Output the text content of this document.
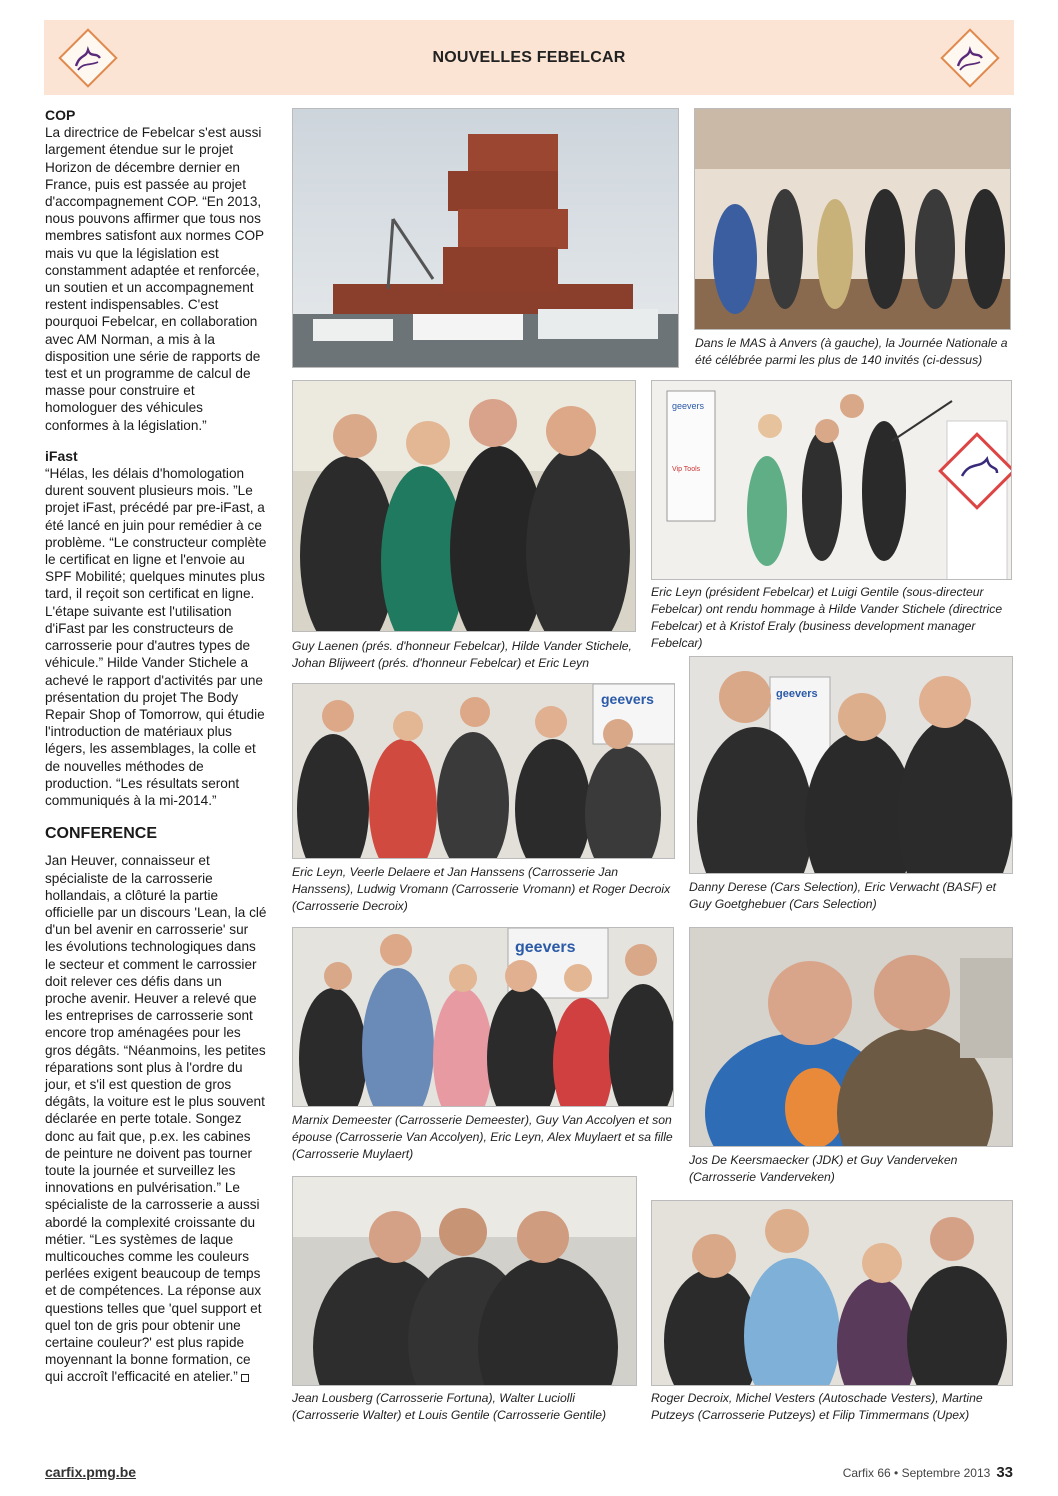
NOUVELLES FEBELCAR
COP

La directrice de Febelcar s'est aussi largement étendue sur le projet Horizon de décembre dernier en France, puis est passée au projet d'accompagnement COP. “En 2013, nous pouvons affirmer que tous nos membres satisfont aux normes COP mais vu que la législation est constamment adaptée et renforcée, un soutien et un accompagnement restent indispensables. C'est pourquoi Febelcar, en collaboration avec AM Norman, a mis à la disposition une série de rapports de test et un programme de calcul de masse pour construire et homologuer des véhicules conformes à la législation.”

iFast

“Hélas, les délais d'homologation durent souvent plusieurs mois. ”Le projet iFast, précédé par pre-iFast, a été lancé en juin pour remédier à ce problème. “Le constructeur complète le certificat en ligne et l'envoie au SPF Mobilité; quelques minutes plus tard, il reçoit son certificat en ligne. L'étape suivante est l'utilisation d'iFast par les constructeurs de carrosserie pour d'autres types de véhicule.” Hilde Vander Stichele a achevé le rapport d'activités par une présentation du projet The Body Repair Shop of Tomorrow, qui étudie l'introduction de matériaux plus légers, les assemblages, la colle et de nouvelles méthodes de production. “Les résultats seront communiqués à la mi-2014.”

CONFERENCE

Jan Heuver, connaisseur et spécialiste de la carrosserie hollandais, a clôturé la partie officielle par un discours 'Lean, la clé d'un bel avenir en carrosserie' sur les évolutions technologiques dans le secteur et comment le carrossier doit relever ces défis dans un proche avenir. Heuver a relevé que les entreprises de carrosserie sont encore trop aménagées pour les gros dégâts. “Néanmoins, les petites réparations sont plus à l'ordre du jour, et s'il est question de gros dégâts, la voiture est le plus souvent déclarée en perte totale. Songez donc au fait que, p.ex. les cabines de peinture ne doivent pas tourner toute la journée et surveillez les innovations en pulvérisation.” Le spécialiste de la carrosserie a aussi abordé la complexité croissante du métier. “Les systèmes de laque multicouches comme les couleurs perlées exigent beaucoup de temps et de compétences. La réponse aux questions telles que 'quel support et quel ton de gris pour obtenir une certaine couleur?' est plus rapide moyennant la bonne formation, ce qui accroît l'efficacité en atelier.”

Dans le MAS à Anvers (à gauche), la Journée Nationale a été célébrée parmi les plus de 140 invités (ci-dessus)
Guy Laenen (prés. d'honneur Febelcar), Hilde Vander Stichele, Johan Blijweert (prés. d'honneur Febelcar) et Eric Leyn
geevers
Vip Tools
Eric Leyn (président Febelcar) et Luigi Gentile (sous-directeur Febelcar) ont rendu hommage à Hilde Vander Stichele (directrice Febelcar) et à Kristof Eraly (business development manager Febelcar)
geevers
Eric Leyn, Veerle Delaere et Jan Hanssens (Carrosserie Jan Hanssens), Ludwig Vromann (Carrosserie Vromann) et Roger Decroix (Carrosserie Decroix)
geevers
Danny Derese (Cars Selection), Eric Verwacht (BASF) et Guy Goetghebuer (Cars Selection)
geevers
Marnix Demeester (Carrosserie Demeester), Guy Van Accolyen et son épouse (Carrosserie Van Accolyen), Eric Leyn, Alex Muylaert et sa fille (Carrosserie Muylaert)	Jos De Keersmaecker (JDK) et Guy Vanderveken (Carrosserie Vanderveken)
Jean Lousberg (Carrosserie Fortuna), Walter Luciolli (Carrosserie Walter) et Louis Gentile (Carrosserie Gentile)
Roger Decroix, Michel Vesters (Autoschade Vesters), Martine Putzeys (Carrosserie Putzeys) et Filip Timmermans (Upex)
carfix.pmg.be	Carfix 66 • Septembre 2013 33
